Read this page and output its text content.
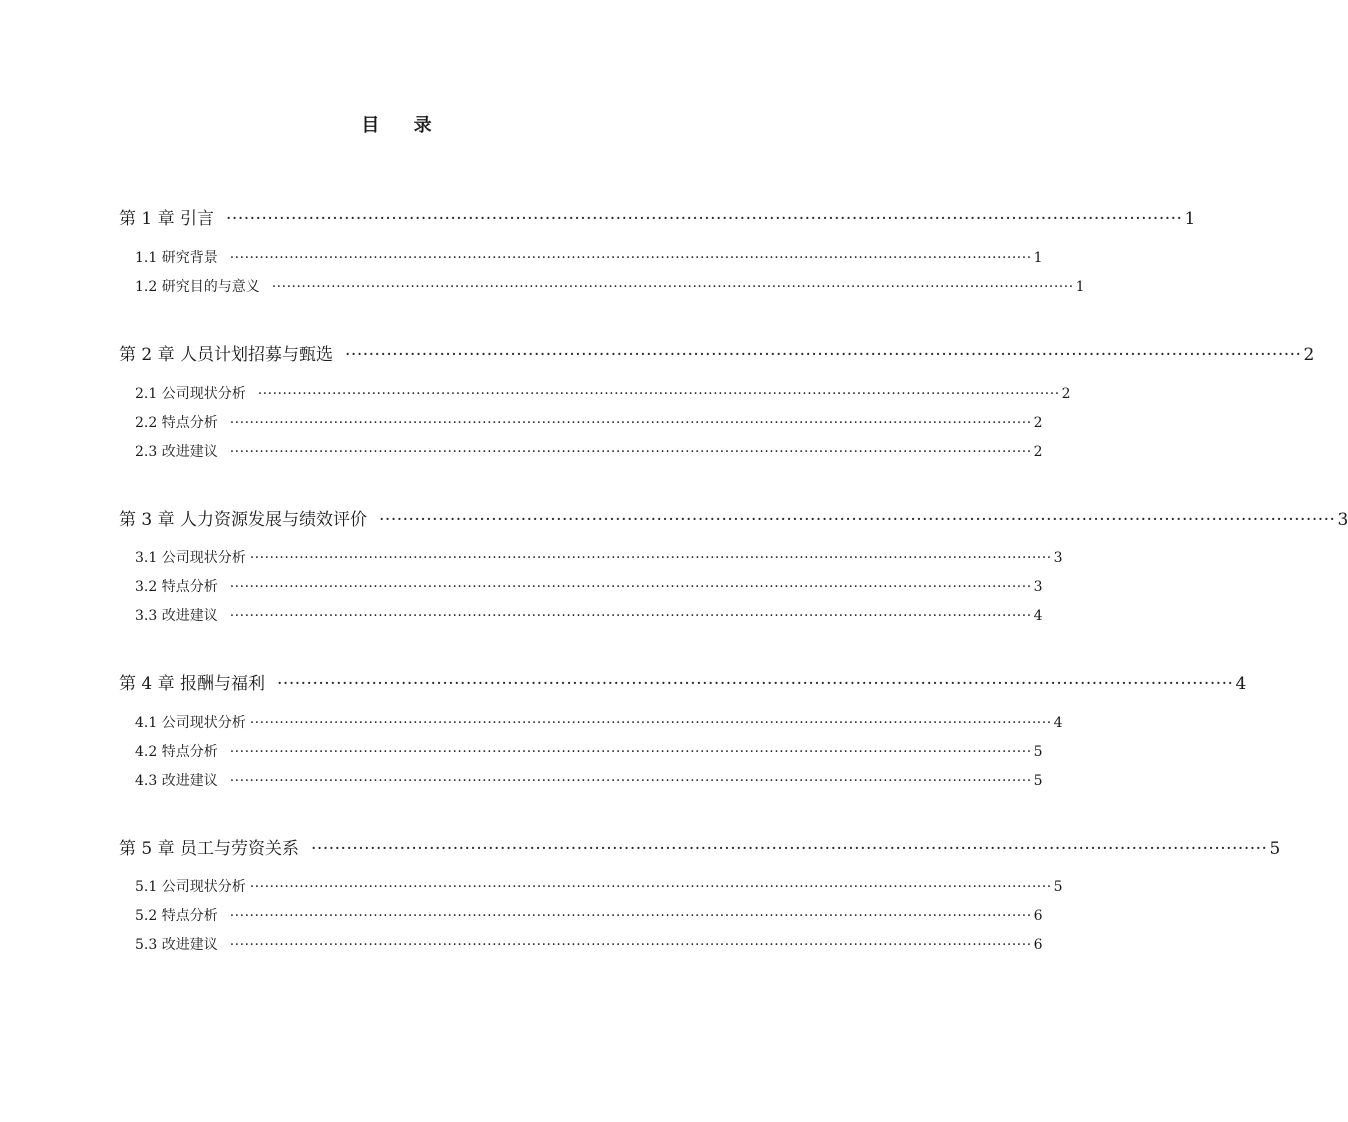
目 录
第 1 章 引言 ·································································································································································· 1
1.1 研究背景 ·································································································································································· 1
1.2 研究目的与意义 ·································································································································································· 1
第 2 章 人员计划招募与甄选 ·································································································································································· 2
2.1 公司现状分析 ·································································································································································· 2
2.2 特点分析 ·································································································································································· 2
2.3 改进建议 ·································································································································································· 2
第 3 章 人力资源发展与绩效评价 ·································································································································································· 3
3.1 公司现状分析 ·································································································································································· 3
3.2 特点分析 ·································································································································································· 3
3.3 改进建议 ·································································································································································· 4
第 4 章 报酬与福利 ·································································································································································· 4
4.1 公司现状分析 ·································································································································································· 4
4.2 特点分析 ·································································································································································· 5
4.3 改进建议 ·································································································································································· 5
第 5 章 员工与劳资关系 ·································································································································································· 5
5.1 公司现状分析 ·································································································································································· 5
5.2 特点分析 ·································································································································································· 6
5.3 改进建议 ·································································································································································· 6
